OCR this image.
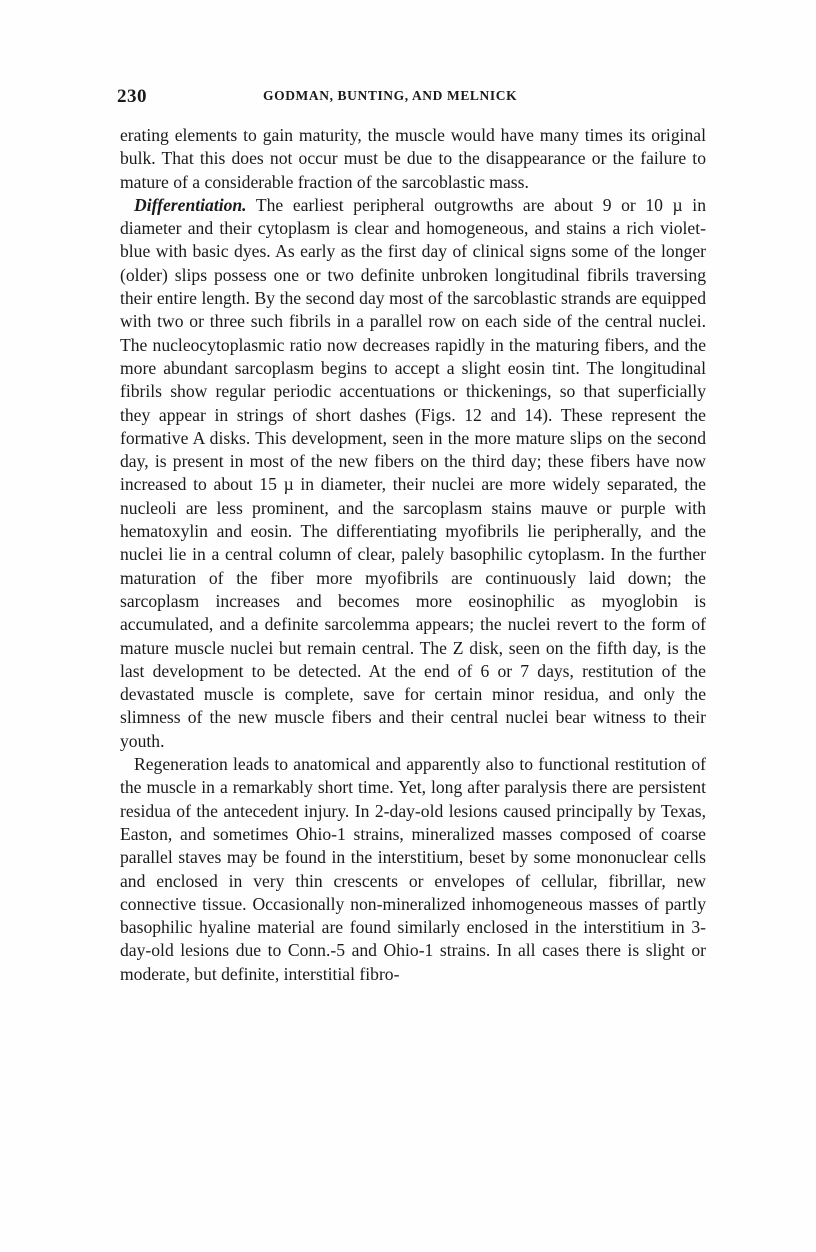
230	GODMAN, BUNTING, AND MELNICK

erating elements to gain maturity, the muscle would have many times its original bulk. That this does not occur must be due to the disappearance or the failure to mature of a considerable fraction of the sarcoblastic mass.

Differentiation. The earliest peripheral outgrowths are about 9 or 10 µ in diameter and their cytoplasm is clear and homogeneous, and stains a rich violet-blue with basic dyes. As early as the first day of clinical signs some of the longer (older) slips possess one or two definite unbroken longitudinal fibrils traversing their entire length. By the second day most of the sarcoblastic strands are equipped with two or three such fibrils in a parallel row on each side of the central nuclei. The nucleocytoplasmic ratio now decreases rapidly in the maturing fibers, and the more abundant sarcoplasm begins to accept a slight eosin tint. The longitudinal fibrils show regular periodic accentuations or thickenings, so that superficially they appear in strings of short dashes (Figs. 12 and 14). These represent the formative A disks. This development, seen in the more mature slips on the second day, is present in most of the new fibers on the third day; these fibers have now increased to about 15 µ in diameter, their nuclei are more widely separated, the nucleoli are less prominent, and the sarcoplasm stains mauve or purple with hematoxylin and eosin. The differentiating myofibrils lie peripherally, and the nuclei lie in a central column of clear, palely basophilic cytoplasm. In the further maturation of the fiber more myofibrils are continuously laid down; the sarcoplasm increases and becomes more eosinophilic as myoglobin is accumulated, and a definite sarcolemma appears; the nuclei revert to the form of mature muscle nuclei but remain central. The Z disk, seen on the fifth day, is the last development to be detected. At the end of 6 or 7 days, restitution of the devastated muscle is complete, save for certain minor residua, and only the slimness of the new muscle fibers and their central nuclei bear witness to their youth.

Regeneration leads to anatomical and apparently also to functional restitution of the muscle in a remarkably short time. Yet, long after paralysis there are persistent residua of the antecedent injury. In 2-day-old lesions caused principally by Texas, Easton, and sometimes Ohio-1 strains, mineralized masses composed of coarse parallel staves may be found in the interstitium, beset by some mononuclear cells and enclosed in very thin crescents or envelopes of cellular, fibrillar, new connective tissue. Occasionally non-mineralized inhomogeneous masses of partly basophilic hyaline material are found similarly enclosed in the interstitium in 3-day-old lesions due to Conn.-5 and Ohio-1 strains. In all cases there is slight or moderate, but definite, interstitial fibro-
